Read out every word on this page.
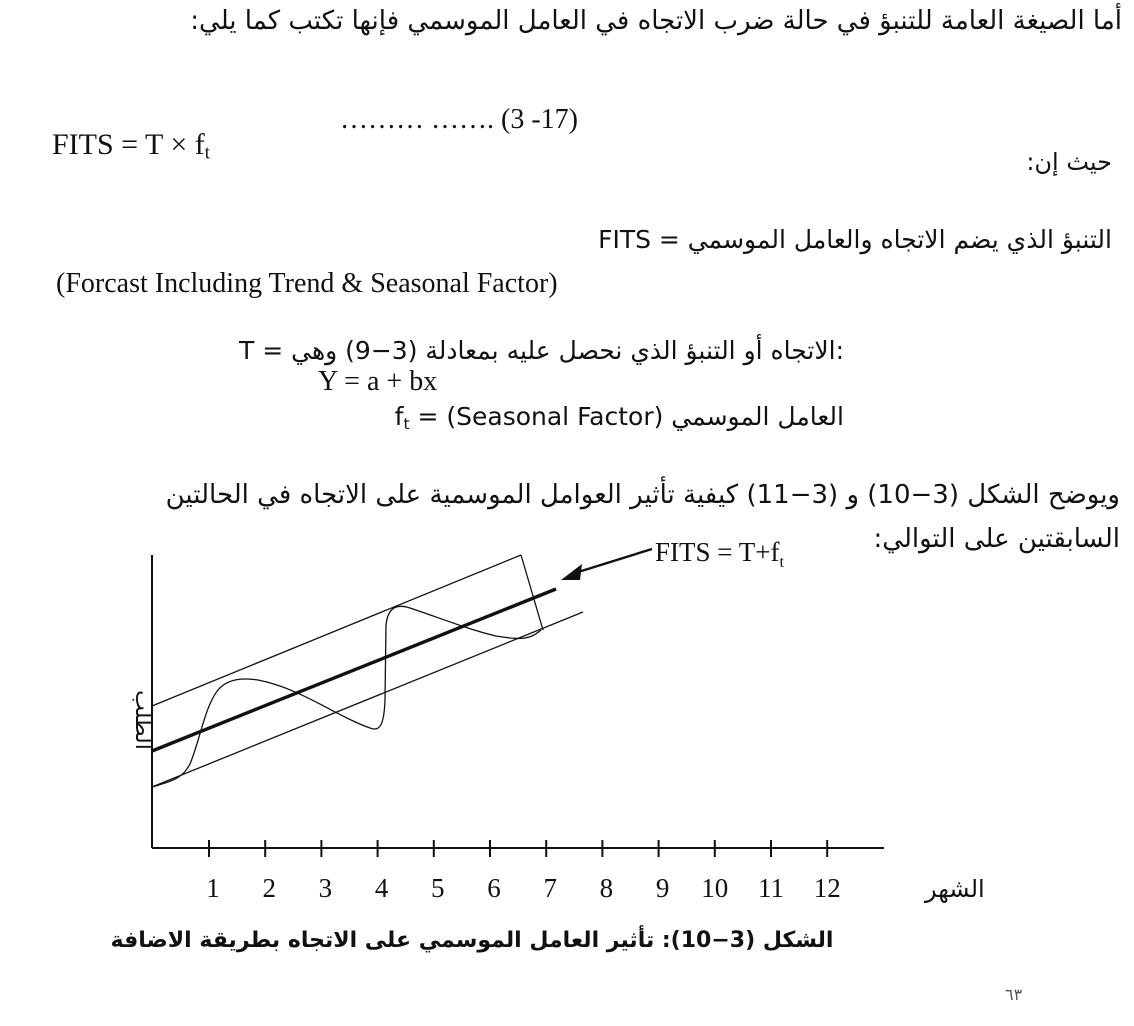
أما الصيغة العامة للتنبؤ في حالة ضرب الاتجاه في العامل الموسمي فإنها تكتب كما يلي:
……… ……. (3 -17)
FITS = $T \times f_t$	حيث إن:
FITS = التنبؤ الذي يضم الاتجاه والعامل الموسمي
(Forcast Including Trend & Seasonal Factor)
T = الاتجاه أو التنبؤ الذي نحصل عليه بمعادلة (3−9) وهي:
Y = a + bx
العامل الموسمي (Seasonal Factor) = $f_t$
ويوضح الشكل (3−10) و (3−11) كيفية تأثير العوامل الموسمية على الاتجاه في الحالتين
السابقتين على التوالي:
1 2 3 4 5 6 7 8 9 10 11 12
FITS = $T+f_t$
الطلب
الشهر
الشكل (3−10): تأثير العامل الموسمي على الاتجاه بطريقة الاضافة
٦٣
